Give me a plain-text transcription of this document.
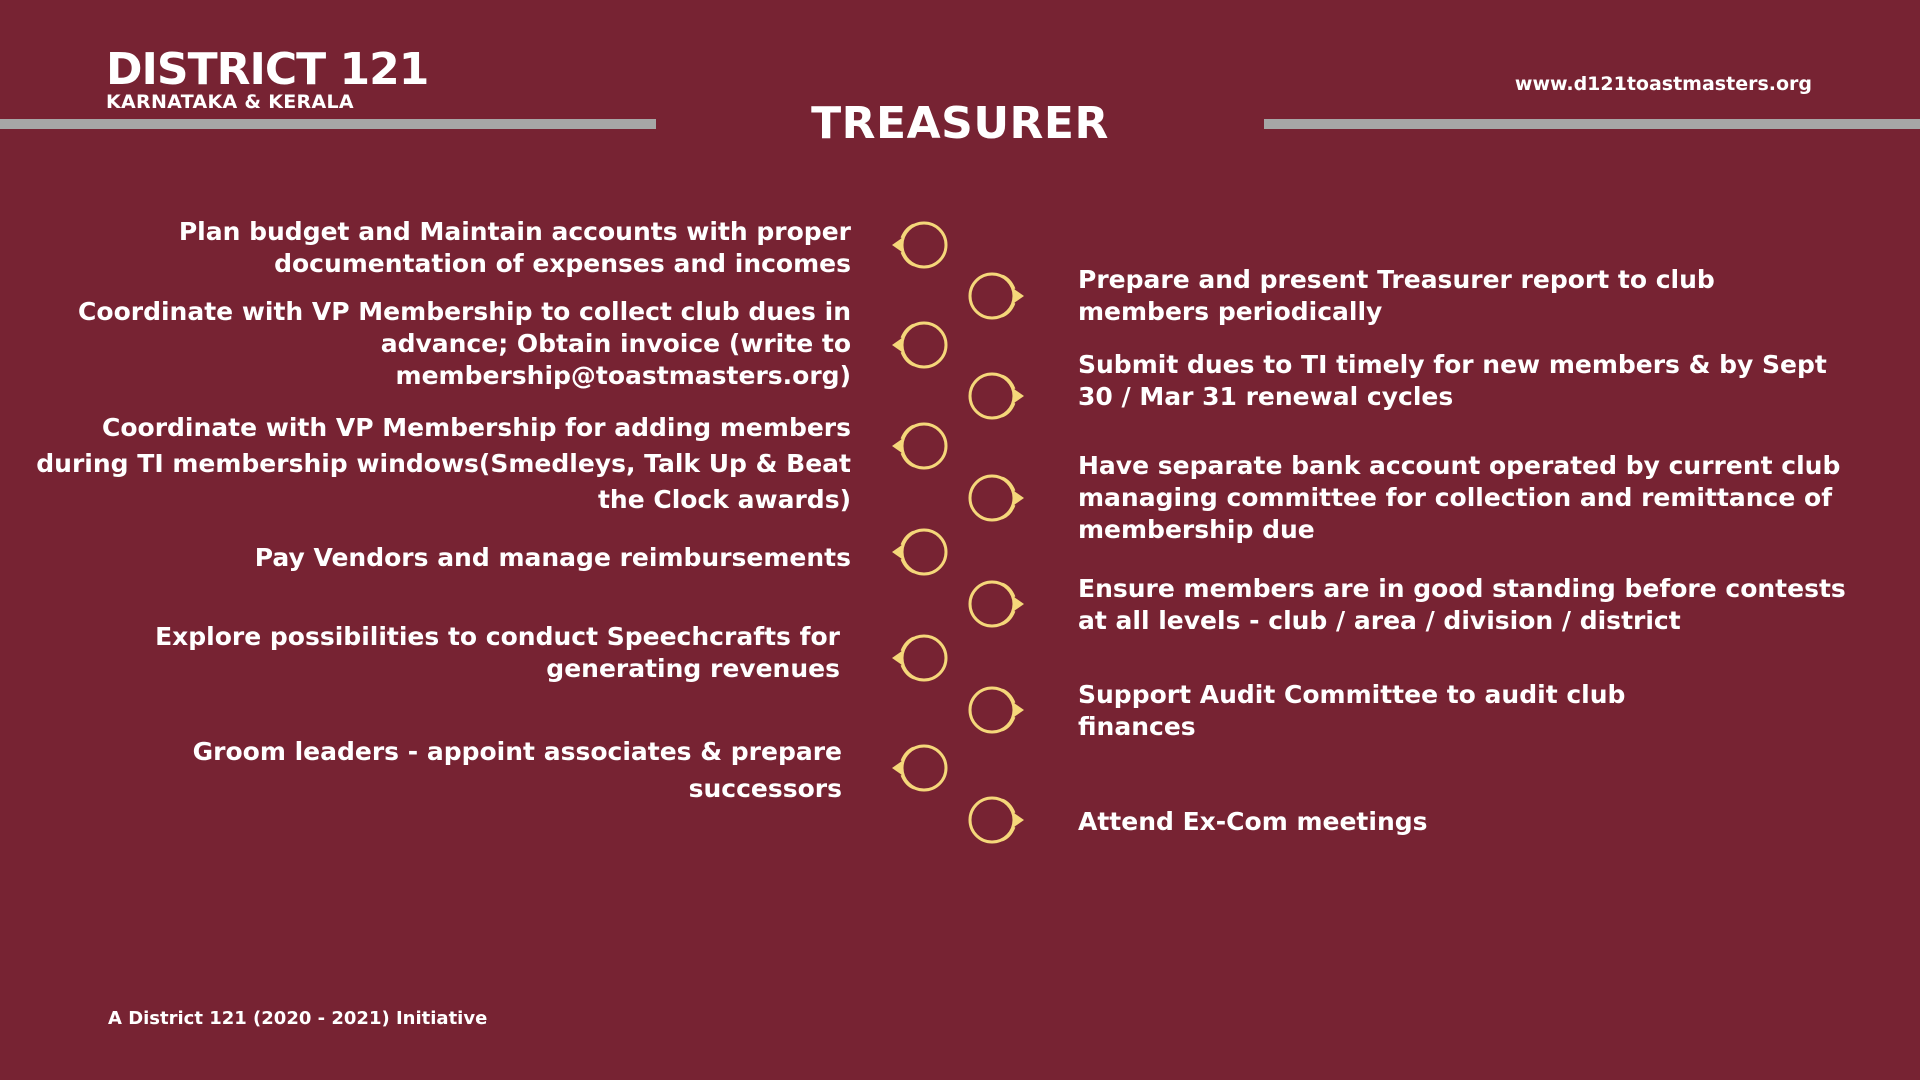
DISTRICT 121
KARNATAKA & KERALA
www.d121toastmasters.org
TREASURER
Plan budget and Maintain accounts with proper documentation of expenses and incomes
Coordinate with VP Membership to collect club dues in advance; Obtain invoice (write to membership@toastmasters.org)
Coordinate with VP Membership for adding members during TI membership windows(Smedleys, Talk Up & Beat the Clock awards)
Pay Vendors and manage reimbursements
Explore possibilities to conduct Speechcrafts for generating revenues
Groom leaders - appoint associates & prepare successors
Prepare and present Treasurer report to club members periodically
Submit dues to TI timely for new members & by Sept 30 / Mar 31 renewal cycles
Have separate bank account operated by current club managing committee for collection and remittance of membership due
Ensure members are in good standing before contests at all levels - club / area / division / district
Support Audit Committee to audit club finances
Attend Ex-Com meetings
A District 121 (2020 - 2021) Initiative
